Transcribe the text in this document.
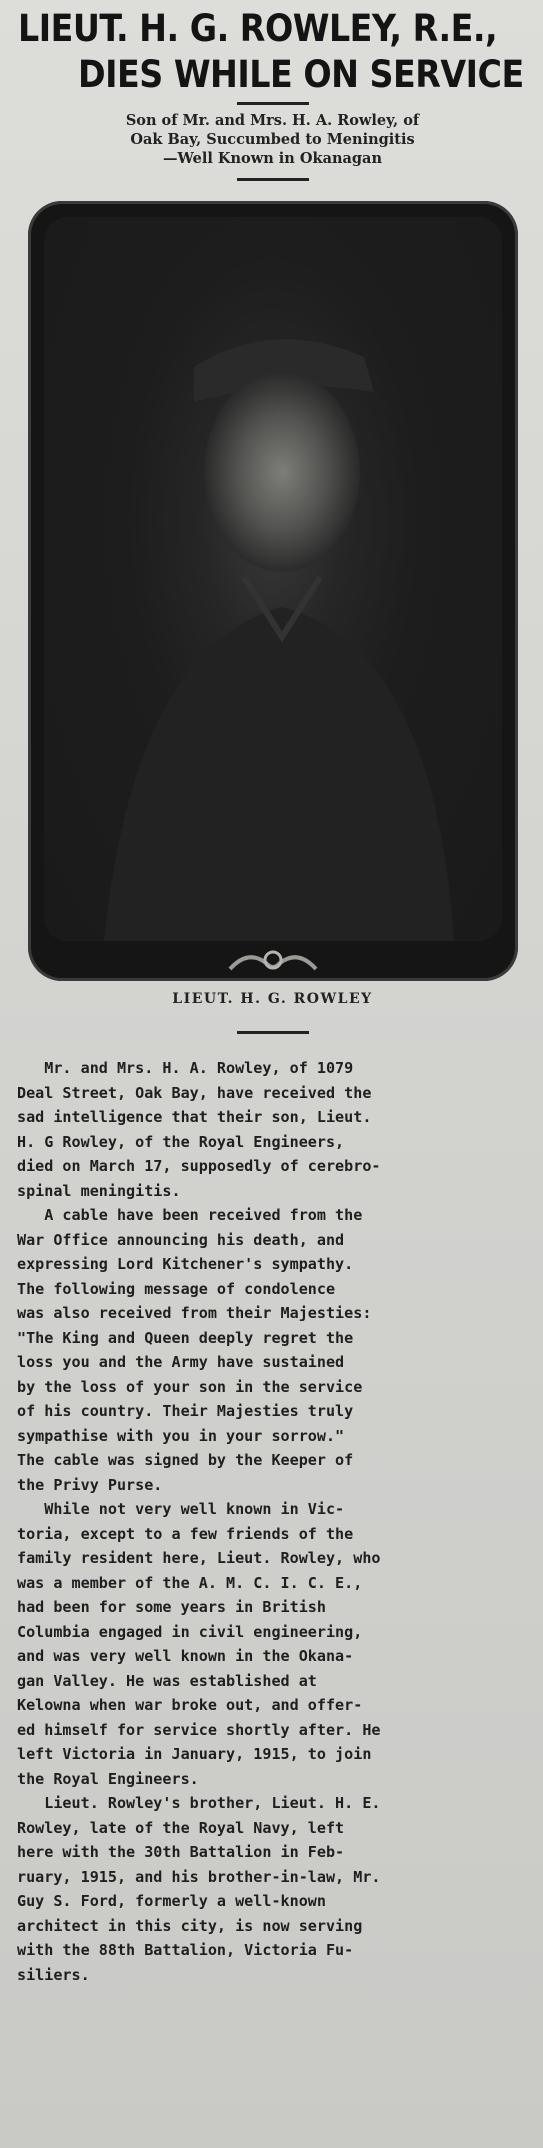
LIEUT. H. G. ROWLEY, R.E.,
DIES WHILE ON SERVICE
Son of Mr. and Mrs. H. A. Rowley, of
Oak Bay, Succumbed to Meningitis
—Well Known in Okanagan
LIEUT. H. G. ROWLEY
Mr. and Mrs. H. A. Rowley, of 1079
Deal Street, Oak Bay, have received the
sad intelligence that their son, Lieut.
H. G Rowley, of the Royal Engineers,
died on March 17, supposedly of cerebro-
spinal meningitis.
A cable have been received from the
War Office announcing his death, and
expressing Lord Kitchener's sympathy.
The following message of condolence
was also received from their Majesties:
"The King and Queen deeply regret the
loss you and the Army have sustained
by the loss of your son in the service
of his country. Their Majesties truly
sympathise with you in your sorrow."
The cable was signed by the Keeper of
the Privy Purse.
While not very well known in Vic-
toria, except to a few friends of the
family resident here, Lieut. Rowley, who
was a member of the A. M. C. I. C. E.,
had been for some years in British
Columbia engaged in civil engineering,
and was very well known in the Okana-
gan Valley. He was established at
Kelowna when war broke out, and offer-
ed himself for service shortly after. He
left Victoria in January, 1915, to join
the Royal Engineers.
Lieut. Rowley's brother, Lieut. H. E.
Rowley, late of the Royal Navy, left
here with the 30th Battalion in Feb-
ruary, 1915, and his brother-in-law, Mr.
Guy S. Ford, formerly a well-known
architect in this city, is now serving
with the 88th Battalion, Victoria Fu-
siliers.
